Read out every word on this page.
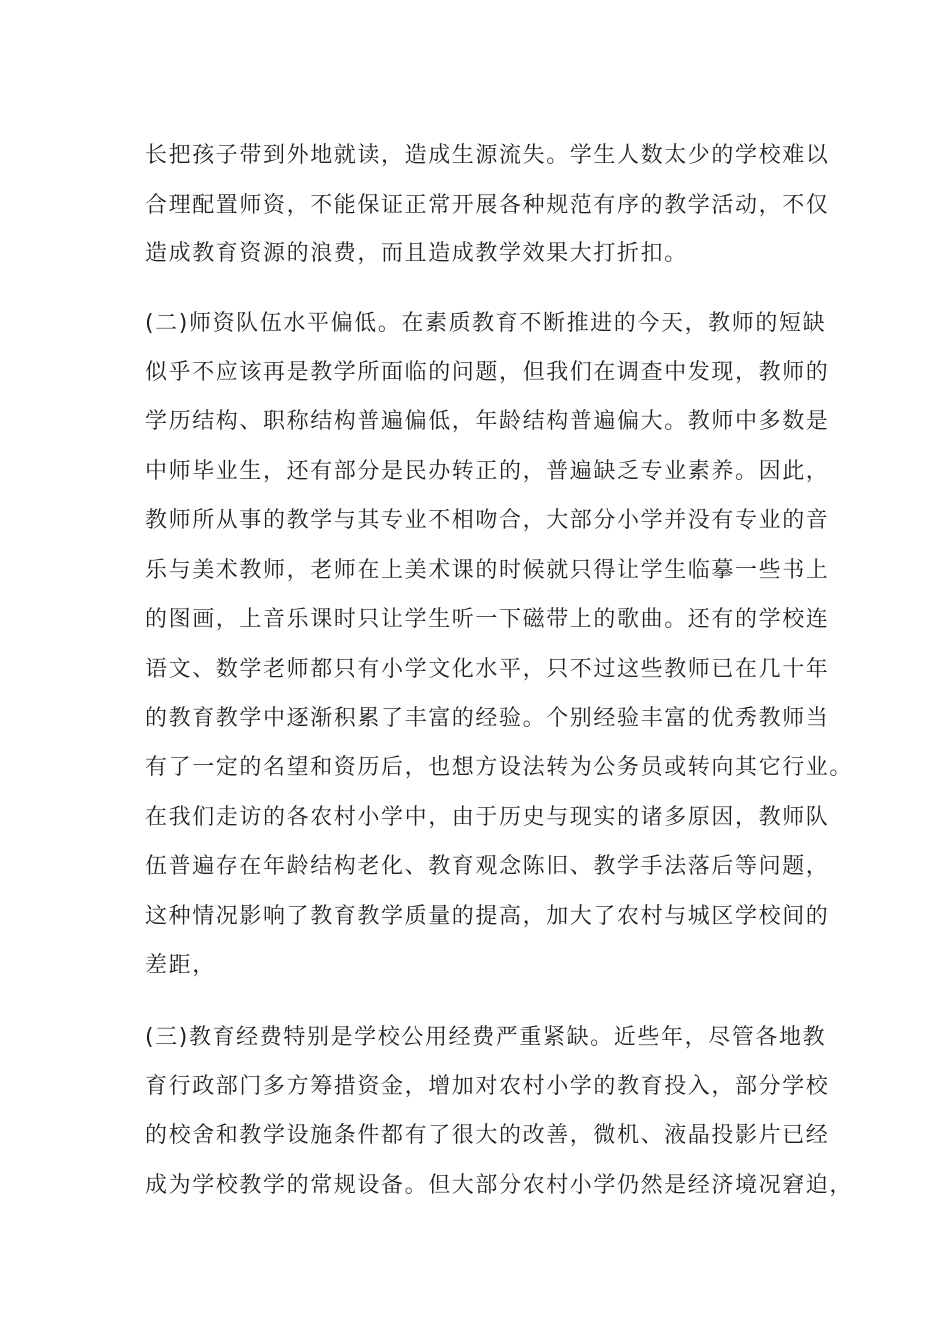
长把孩子带到外地就读，造成生源流失。学生人数太少的学校难以
合理配置师资，不能保证正常开展各种规范有序的教学活动，不仅
造成教育资源的浪费，而且造成教学效果大打折扣。
(二)师资队伍水平偏低。在素质教育不断推进的今天，教师的短缺
似乎不应该再是教学所面临的问题，但我们在调查中发现，教师的
学历结构、职称结构普遍偏低，年龄结构普遍偏大。教师中多数是
中师毕业生，还有部分是民办转正的，普遍缺乏专业素养。因此，
教师所从事的教学与其专业不相吻合，大部分小学并没有专业的音
乐与美术教师，老师在上美术课的时候就只得让学生临摹一些书上
的图画，上音乐课时只让学生听一下磁带上的歌曲。还有的学校连
语文、数学老师都只有小学文化水平，只不过这些教师已在几十年
的教育教学中逐渐积累了丰富的经验。个别经验丰富的优秀教师当
有了一定的名望和资历后，也想方设法转为公务员或转向其它行业。
在我们走访的各农村小学中，由于历史与现实的诸多原因，教师队
伍普遍存在年龄结构老化、教育观念陈旧、教学手法落后等问题，
这种情况影响了教育教学质量的提高，加大了农村与城区学校间的
差距，
(三)教育经费特别是学校公用经费严重紧缺。近些年，尽管各地教
育行政部门多方筹措资金，增加对农村小学的教育投入，部分学校
的校舍和教学设施条件都有了很大的改善，微机、液晶投影片已经
成为学校教学的常规设备。但大部分农村小学仍然是经济境况窘迫，
